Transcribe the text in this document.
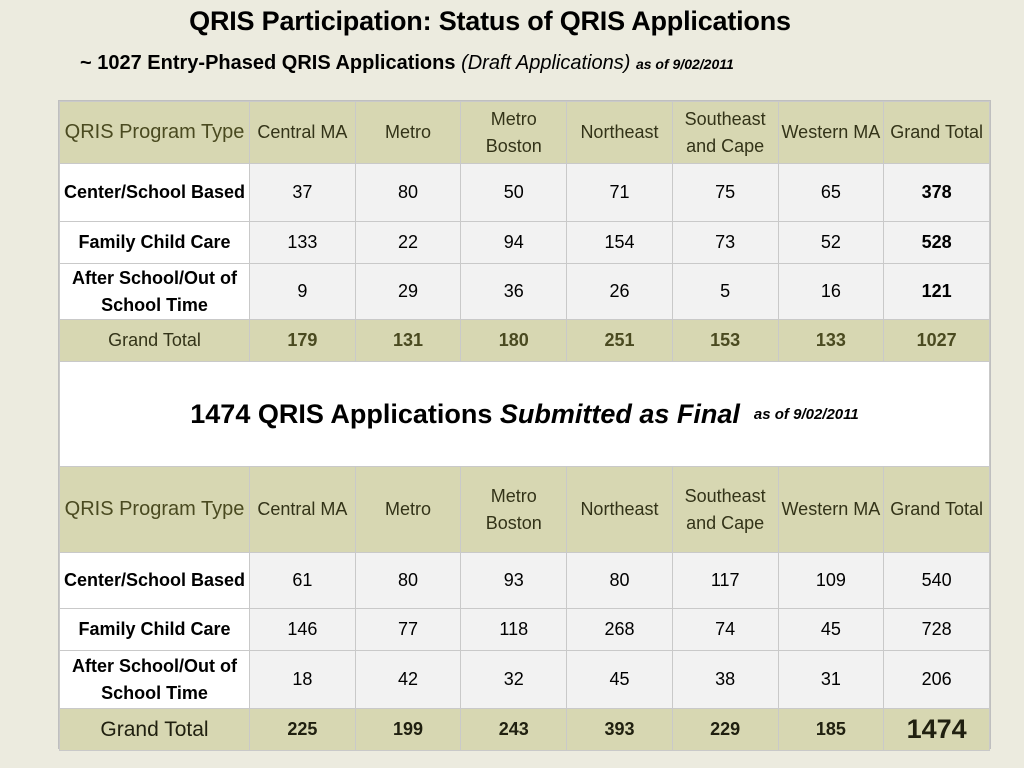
QRIS Participation: Status of QRIS Applications
~ 1027 Entry-Phased QRIS Applications (Draft Applications) as of 9/02/2011
QRIS Program Type	Central MA	Metro	Metro Boston	Northeast	Southeast and Cape	Western MA	Grand Total
Center/School Based	37	80	50	71	75	65	378
Family Child Care	133	22	94	154	73	52	528
After School/Out of School Time	9	29	36	26	5	16	121
Grand Total	179	131	180	251	153	133	1027
1474 QRIS Applications
Submitted as Final as of 9/02/2011
QRIS Program Type	Central MA	Metro	Metro Boston	Northeast	Southeast and Cape	Western MA	Grand Total
Center/School Based	61	80	93	80	117	109	540
Family Child Care	146	77	118	268	74	45	728
After School/Out of School Time	18	42	32	45	38	31	206
Grand Total	225	199	243	393	229	185	1474
